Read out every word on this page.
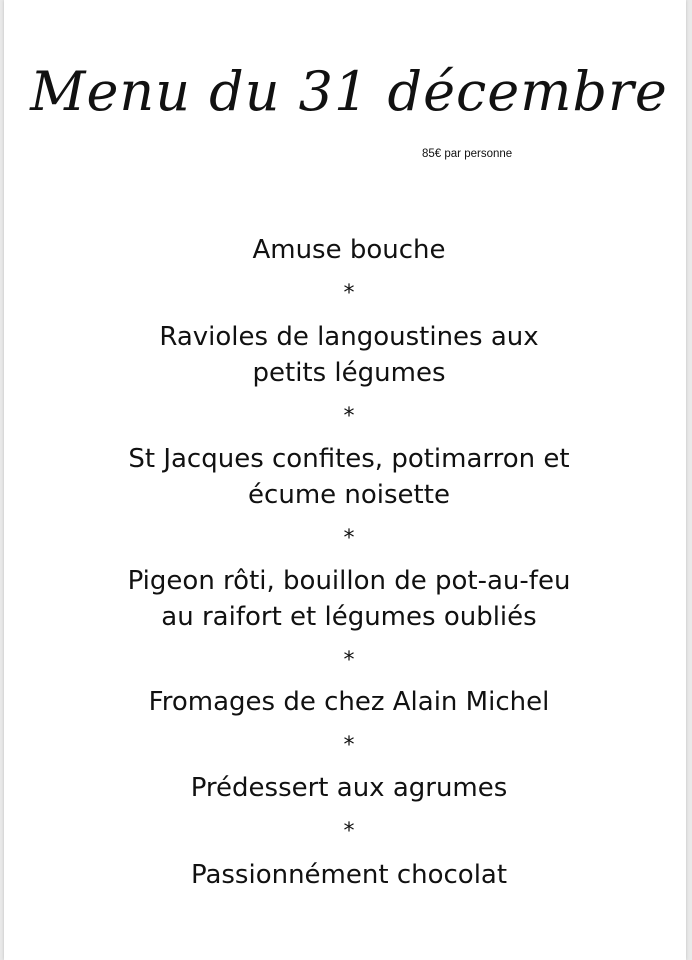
Menu du 31 décembre
85€ par personne
Amuse bouche
*
Ravioles de langoustines aux
petits légumes
*
St Jacques confites, potimarron et
écume noisette
*
Pigeon rôti, bouillon de pot-au-feu
au raifort et légumes oubliés
*
Fromages de chez Alain Michel
*
Prédessert aux agrumes
*
Passionnément chocolat
